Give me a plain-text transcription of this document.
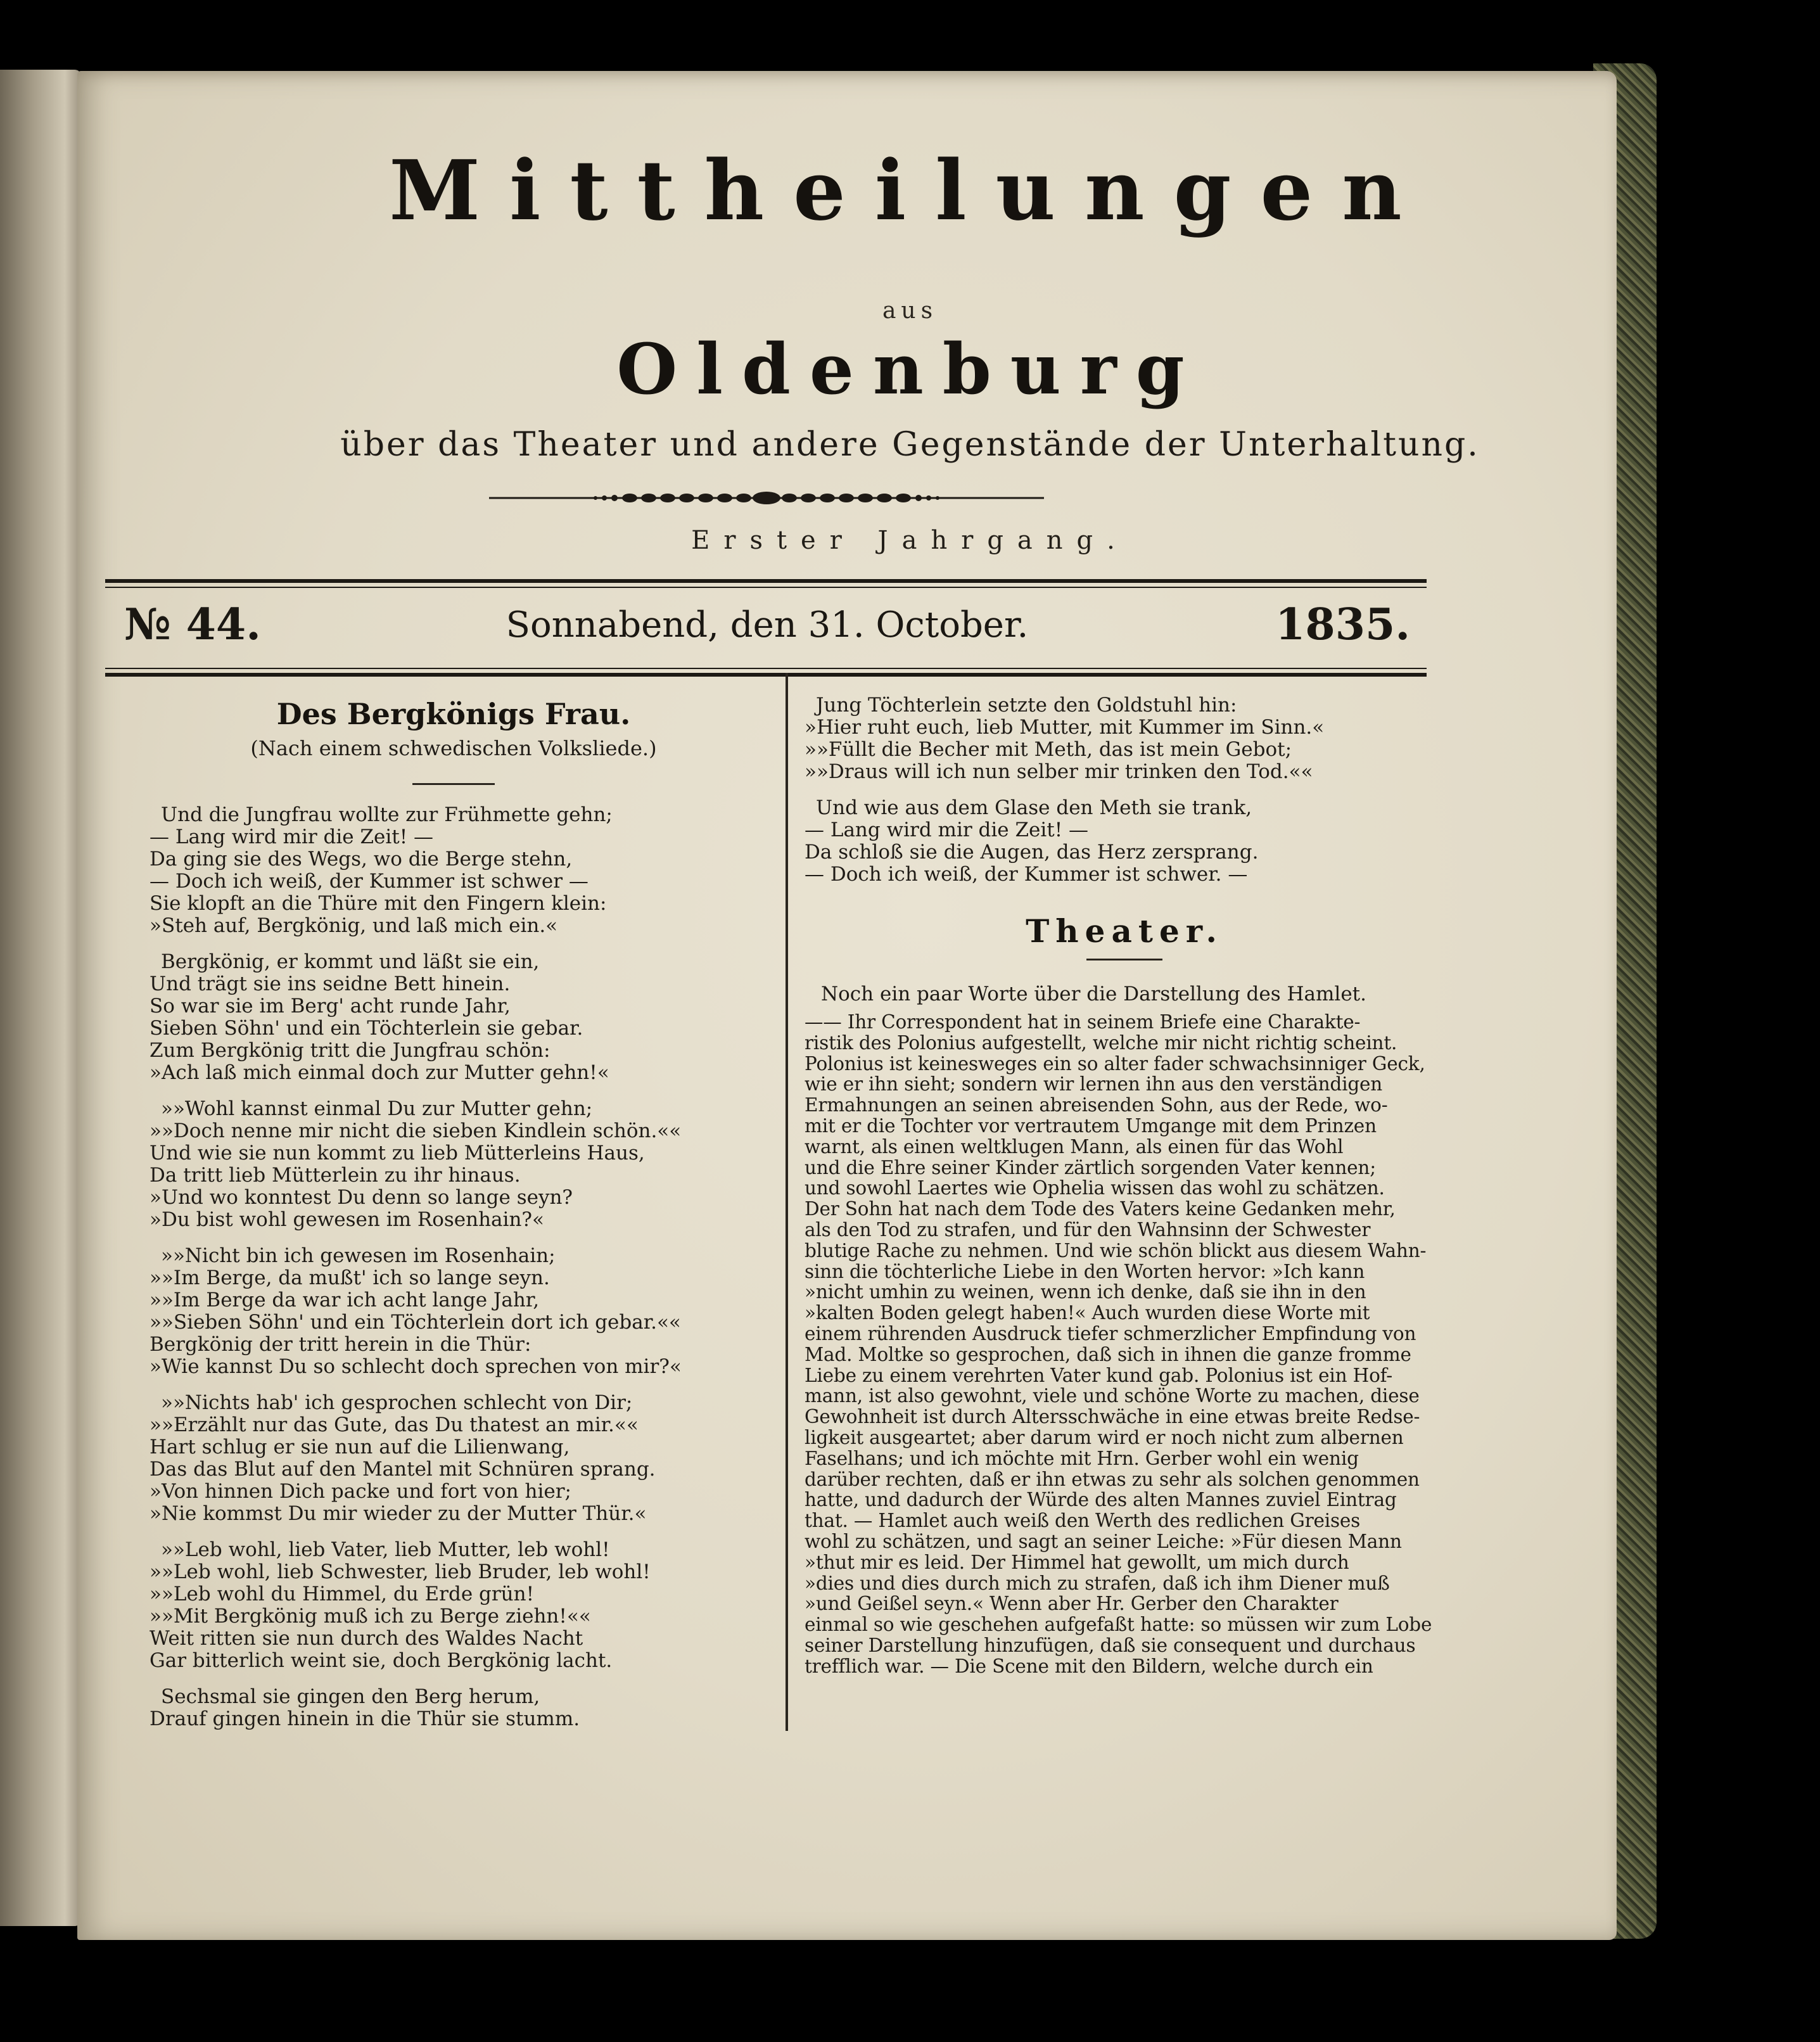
Mittheilungen
aus
Oldenburg
über das Theater und andere Gegenstände der Unterhaltung.
Erster Jahrgang.
№ 44.	Sonnabend, den 31. October.	1835.
Des Bergkönigs Frau.

(Nach einem schwedischen Volksliede.)

Und die Jungfrau wollte zur Frühmette gehn;
— Lang wird mir die Zeit! —
Da ging sie des Wegs, wo die Berge stehn,
— Doch ich weiß, der Kummer ist schwer —
Sie klopft an die Thüre mit den Fingern klein:
»Steh auf, Bergkönig, und laß mich ein.«
Bergkönig, er kommt und läßt sie ein,
Und trägt sie ins seidne Bett hinein.
So war sie im Berg' acht runde Jahr,
Sieben Söhn' und ein Töchterlein sie gebar.
Zum Bergkönig tritt die Jungfrau schön:
»Ach laß mich einmal doch zur Mutter gehn!«
»»Wohl kannst einmal Du zur Mutter gehn;
»»Doch nenne mir nicht die sieben Kindlein schön.««
Und wie sie nun kommt zu lieb Mütterleins Haus,
Da tritt lieb Mütterlein zu ihr hinaus.
»Und wo konntest Du denn so lange seyn?
»Du bist wohl gewesen im Rosenhain?«
»»Nicht bin ich gewesen im Rosenhain;
»»Im Berge, da mußt' ich so lange seyn.
»»Im Berge da war ich acht lange Jahr,
»»Sieben Söhn' und ein Töchterlein dort ich gebar.««
Bergkönig der tritt herein in die Thür:
»Wie kannst Du so schlecht doch sprechen von mir?«
»»Nichts hab' ich gesprochen schlecht von Dir;
»»Erzählt nur das Gute, das Du thatest an mir.««
Hart schlug er sie nun auf die Lilienwang,
Das das Blut auf den Mantel mit Schnüren sprang.
»Von hinnen Dich packe und fort von hier;
»Nie kommst Du mir wieder zu der Mutter Thür.«
»»Leb wohl, lieb Vater, lieb Mutter, leb wohl!
»»Leb wohl, lieb Schwester, lieb Bruder, leb wohl!
»»Leb wohl du Himmel, du Erde grün!
»»Mit Bergkönig muß ich zu Berge ziehn!««
Weit ritten sie nun durch des Waldes Nacht
Gar bitterlich weint sie, doch Bergkönig lacht.
Sechsmal sie gingen den Berg herum,
Drauf gingen hinein in die Thür sie stumm.
Jung Töchterlein setzte den Goldstuhl hin:
»Hier ruht euch, lieb Mutter, mit Kummer im Sinn.«
»»Füllt die Becher mit Meth, das ist mein Gebot;
»»Draus will ich nun selber mir trinken den Tod.««
Und wie aus dem Glase den Meth sie trank,
— Lang wird mir die Zeit! —
Da schloß sie die Augen, das Herz zersprang.
— Doch ich weiß, der Kummer ist schwer. —
Theater.

Noch ein paar Worte über die Darstellung des Hamlet.

—— Ihr Correspondent hat in seinem Briefe eine Charakte-
ristik des Polonius aufgestellt, welche mir nicht richtig scheint.
Polonius ist keinesweges ein so alter fader schwachsinniger Geck,
wie er ihn sieht; sondern wir lernen ihn aus den verständigen
Ermahnungen an seinen abreisenden Sohn, aus der Rede, wo-
mit er die Tochter vor vertrautem Umgange mit dem Prinzen
warnt, als einen weltklugen Mann, als einen für das Wohl
und die Ehre seiner Kinder zärtlich sorgenden Vater kennen;
und sowohl Laertes wie Ophelia wissen das wohl zu schätzen.
Der Sohn hat nach dem Tode des Vaters keine Gedanken mehr,
als den Tod zu strafen, und für den Wahnsinn der Schwester
blutige Rache zu nehmen. Und wie schön blickt aus diesem Wahn-
sinn die töchterliche Liebe in den Worten hervor: »Ich kann
»nicht umhin zu weinen, wenn ich denke, daß sie ihn in den
»kalten Boden gelegt haben!« Auch wurden diese Worte mit
einem rührenden Ausdruck tiefer schmerzlicher Empfindung von
Mad. Moltke so gesprochen, daß sich in ihnen die ganze fromme
Liebe zu einem verehrten Vater kund gab. Polonius ist ein Hof-
mann, ist also gewohnt, viele und schöne Worte zu machen, diese
Gewohnheit ist durch Altersschwäche in eine etwas breite Redse-
ligkeit ausgeartet; aber darum wird er noch nicht zum albernen
Faselhans; und ich möchte mit Hrn. Gerber wohl ein wenig
darüber rechten, daß er ihn etwas zu sehr als solchen genommen
hatte, und dadurch der Würde des alten Mannes zuviel Eintrag
that. — Hamlet auch weiß den Werth des redlichen Greises
wohl zu schätzen, und sagt an seiner Leiche: »Für diesen Mann
»thut mir es leid. Der Himmel hat gewollt, um mich durch
»dies und dies durch mich zu strafen, daß ich ihm Diener muß
»und Geißel seyn.« Wenn aber Hr. Gerber den Charakter
einmal so wie geschehen aufgefaßt hatte: so müssen wir zum Lobe
seiner Darstellung hinzufügen, daß sie consequent und durchaus
trefflich war. — Die Scene mit den Bildern, welche durch ein
